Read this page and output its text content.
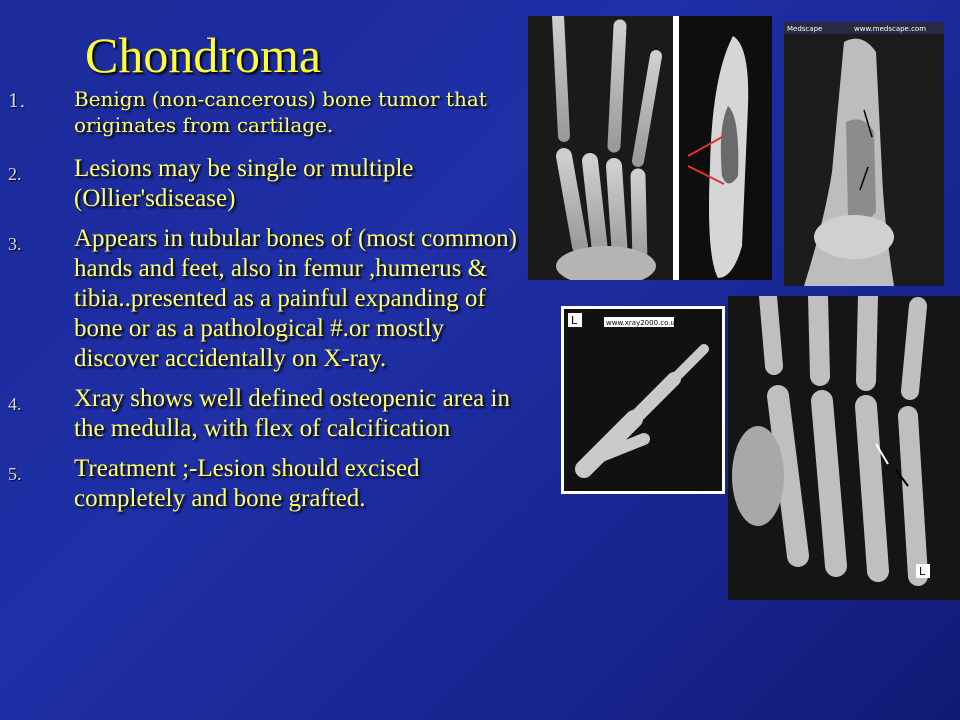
Chondroma
1. Benign (non-cancerous) bone tumor that originates from cartilage.
2. Lesions may be single or multiple (Ollier'sdisease)
3. Appears in tubular bones of (most common) hands and feet, also in femur ,humerus & tibia..presented as a painful expanding of bone or as a pathological #.or mostly discover accidentally on X-ray.
4. Xray shows well defined osteopenic area in the medulla, with flex of calcification
5. Treatment ;-Lesion should excised completely and bone grafted.
Medscape	www.medscape.com
L	www.xray2000.co.uk
L
